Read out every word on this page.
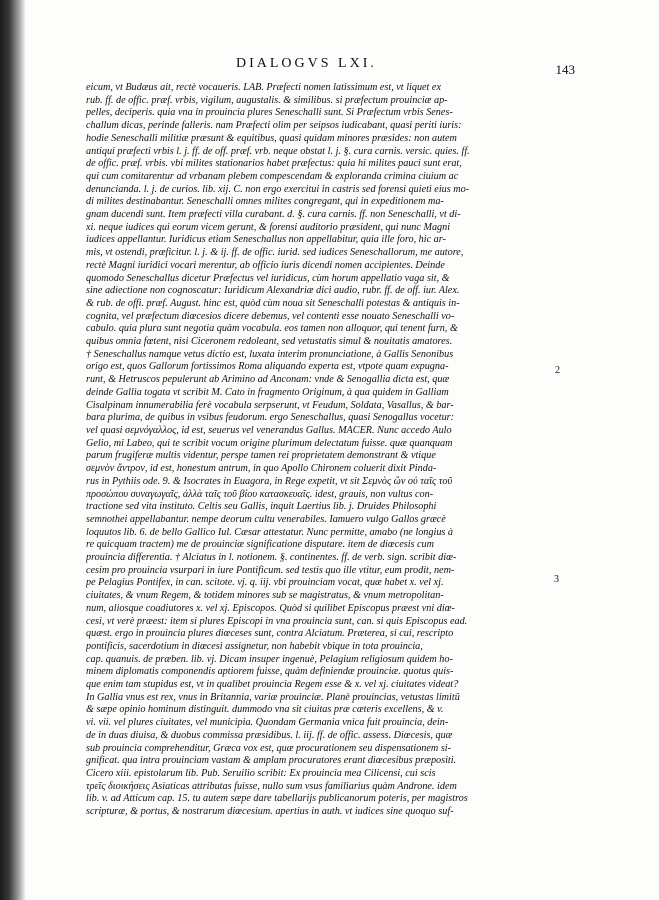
DIALOGVS LXI.	143
2
3
eicum, vt Budæus ait, rectè vocaueris. LAB. Præfecti nomen latissimum est, vt liquet ex
rub. ff. de offic. præf. vrbis, vigilum, augustalis. & similibus. si præfectum prouinciæ ap-
pelles, deciperis. quia vna in prouincia plures Seneschalli sunt. Si Præfectum vrbis Senes-
challum dicas, perinde falleris. nam Præfecti olim per seipsos iudicabant, quasi periti iuris:
hodie Seneschalli militiæ præsunt & equitibus, quasi quidam minores præsides: non autem
antiqui præfecti vrbis l. j. ff. de off. præf. vrb. neque obstat l. j. §. cura carnis. versic. quies. ff.
de offic. præf. vrbis. vbi milites stationarios habet præfectus: quia hi milites pauci sunt erat,
qui cum comitarentur ad vrbanam plebem compescendam & exploranda crimina ciuium ac
denuncianda. l. j. de curios. lib. xij. C. non ergo exercitui in castris sed forensi quieti eius mo-
di milites destinabantur. Seneschalli omnes milites congregant, qui in expeditionem ma-
gnam ducendi sunt. Item præfecti villa curabant. d. §. cura carnis. ff. non Seneschalli, vt di-
xi. neque iudices qui eorum vicem gerunt, & forensi auditorio præsident, qui nunc Magni
iudices appellantur. Iuridicus etiam Seneschallus non appellabitur, quia ille foro, hic ar-
mis, vt ostendi, præficitur. l. j. & ij. ff. de offic. iurid. sed iudices Seneschallorum, me autore,
rectè Magni iuridici vocari merentur, ab officio iuris dicendi nomen accipientes. Deinde
quomodo Seneschallus dicetur Præfectus vel iuridicus, cùm horum appellatio vaga sit, &
sine adiectione non cognoscatur: Iuridicum Alexandriæ dici audio, rubr. ff. de off. iur. Alex.
& rub. de offi. præf. August. hinc est, quòd cùm noua sit Seneschalli potestas & antiquis in-
cognita, vel præfectum diœcesios dicere debemus, vel contenti esse nouato Seneschalli vo-
cabulo. quia plura sunt negotia quàm vocabula. eos tamen non alloquor, qui tenent furn, &
quibus omnia fœtent, nisi Ciceronem redoleant, sed vetustatis simul & nouitatis amatores.
† Seneschallus namque vetus dictio est, luxata interim pronunciatione, à Gallis Senonibus
origo est, quos Gallorum fortissimos Roma aliquando experta est, vtpote quam expugna-
runt, & Hetruscos pepulerunt ab Arimino ad Anconam: vnde & Senogallia dicta est, quæ
deinde Gallia togata vt scribit M. Cato in fragmento Originum, à qua quidem in Galliam
Cisalpinam innumerabilia ferè vocabula serpserunt, vt Feudum, Soldata, Vasallus, & bar-
bara plurima, de quibus in vsibus feudorum. ergo Seneschallus, quasi Senogallus vocetur:
vel quasi σεμνόγαλλος, id est, seuerus vel venerandus Gallus. MACER. Nunc accedo Aulo
Gelio, mi Labeo, qui te scribit vocum origine plurimum delectatum fuisse. quæ quanquam
parum frugiferæ multis videntur, perspe tamen rei proprietatem demonstrant & vtique
σεμνὸν ἄντρον, id est, honestum antrum, in quo Apollo Chironem coluerit dixit Pinda-
rus in Pythiis ode. 9. & Isocrates in Euagora, in Rege expetit, vt sit Σεμνὸς ὢν οὐ ταῖς τοῦ
προσώπου συναγωγαῖς, ἀλλὰ ταῖς τοῦ βίου κατασκευαῖς. idest, grauis, non vultus con-
tractione sed vita instituto. Celtis seu Gallis, inquit Laertius lib. j. Druides Philosophi
semnothei appellabantur. nempe deorum cultu venerabiles. Iamuero vulgo Gallos græcè
loquutos lib. 6. de bello Gallico Iul. Cæsar attestatur. Nunc permitte, amabo (ne longius à
re quicquam tractem) me de prouinciæ significatione disputare. item de diœcesis cum
prouincia differentia. † Alciatus in l. notionem. §. continentes. ff. de verb. sign. scribit diœ-
cesim pro prouincia vsurpari in iure Pontificum. sed testis quo ille vtitur, eum prodit, nem-
pe Pelagius Pontifex, in can. scitote. vj. q. iij. vbi prouinciam vocat, quæ habet x. vel xj.
ciuitates, & vnum Regem, & totidem minores sub se magistratus, & vnum metropolitan-
num, aliosque coadiutores x. vel xj. Episcopos. Quòd si quilibet Episcopus præest vni diœ-
cesi, vt verè præest: item si plures Episcopi in vna prouincia sunt, can. si quis Episcopus ead.
quæst. ergo in prouincia plures diœceses sunt, contra Alciatum. Præterea, si cui, rescripto
pontificis, sacerdotium in diœcesi assignetur, non habebit vbique in tota prouincia,
cap. quanuis. de præben. lib. vj. Dicam insuper ingenuè, Pelagium religiosum quidem ho-
minem diplomatis componendis aptiorem fuisse, quàm definiendæ prouinciæ. quotus quis-
que enim tam stupidus est, vt in qualibet prouincia Regem esse & x. vel xj. ciuitates videat?
In Gallia vnus est rex, vnus in Britannia, variæ prouinciæ. Planè prouincias, vetustas limitû
& sæpe opinio hominum distinguit. dummodo vna sit ciuitas præ cæteris excellens, & v.
vi. vii. vel plures ciuitates, vel municipia. Quondam Germania vnica fuit prouincia, dein-
de in duas diuisa, & duobus commissa præsidibus. l. iij. ff. de offic. assess. Diœcesis, quæ
sub prouincia comprehenditur, Græca vox est, quæ procurationem seu dispensationem si-
gnificat. qua intra prouinciam vastam & amplam procuratores erant diœcesibus præpositi.
Cicero xiii. epistolarum lib. Pub. Seruilio scribit: Ex prouincia mea Cilicensi, cui scis
τρεῖς διοικήσεις Asiaticas attributas fuisse, nullo sum vsus familiarius quàm Androne. idem
lib. v. ad Atticum cap. 15. tu autem sæpe dare tabellarijs publicanorum poteris, per magistros
scripturæ, & portus, & nostrarum diœcesium. apertius in auth. vt iudices sine quoquo suf-
